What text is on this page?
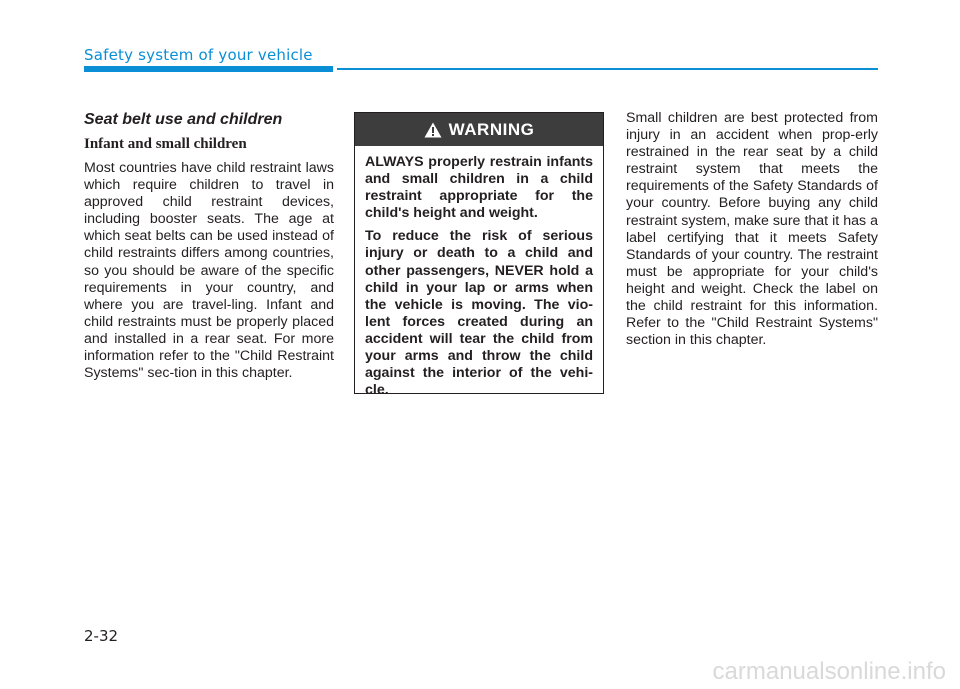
Safety system of your vehicle
Seat belt use and children
Infant and small children

Most countries have child restraint laws which require children to travel in approved child restraint devices, including booster seats. The age at which seat belts can be used instead of child restraints differs among countries, so you should be aware of the specific requirements in your country, and where you are travel-ling. Infant and child restraints must be properly placed and installed in a rear seat. For more information refer to the "Child Restraint Systems" sec-tion in this chapter.

WARNING

ALWAYS properly restrain infants and small children in a child restraint appropriate for the child's height and weight.

To reduce the risk of serious injury or death to a child and other passengers, NEVER hold a child in your lap or arms when the vehicle is moving. The vio-lent forces created during an accident will tear the child from your arms and throw the child against the interior of the vehi-cle.

Small children are best protected from injury in an accident when prop-erly restrained in the rear seat by a child restraint system that meets the requirements of the Safety Standards of your country. Before buying any child restraint system, make sure that it has a label certifying that it meets Safety Standards of your country. The restraint must be appropriate for your child's height and weight. Check the label on the child restraint for this information. Refer to the "Child Restraint Systems" section in this chapter.

2-32
carmanualsonline.info
